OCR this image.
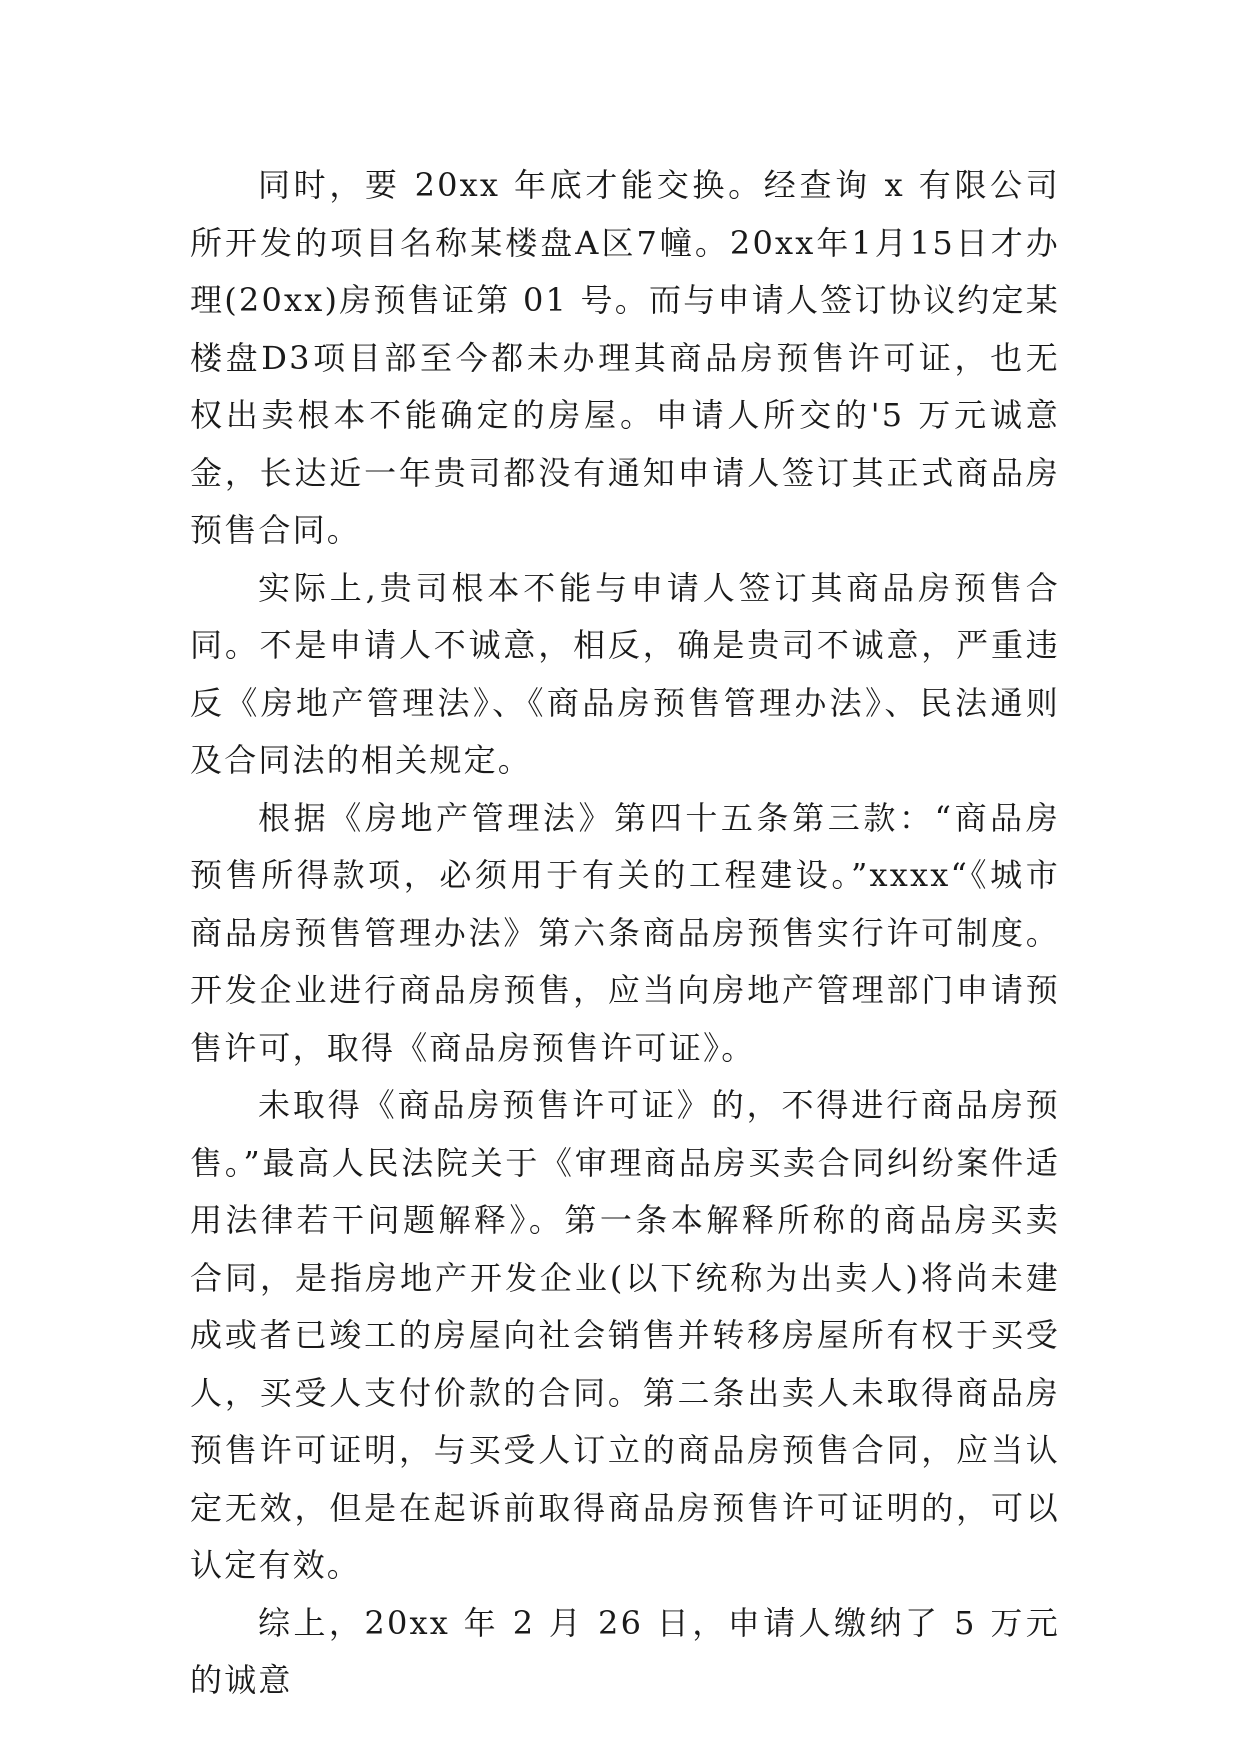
同时，要 20xx 年底才能交换。经查询 x 有限公司所开发的项目名称某楼盘A区7幢。20xx年1月15日才办理(20xx)房预售证第 01 号。而与申请人签订协议约定某楼盘D3项目部至今都未办理其商品房预售许可证，也无权出卖根本不能确定的房屋。申请人所交的'5 万元诚意金，长达近一年贵司都没有通知申请人签订其正式商品房预售合同。

实际上,贵司根本不能与申请人签订其商品房预售合同。不是申请人不诚意，相反，确是贵司不诚意，严重违反《房地产管理法》、《商品房预售管理办法》、民法通则及合同法的相关规定。

根据《房地产管理法》第四十五条第三款：“商品房预售所得款项，必须用于有关的工程建设。”xxxx“《城市商品房预售管理办法》第六条商品房预售实行许可制度。开发企业进行商品房预售，应当向房地产管理部门申请预售许可，取得《商品房预售许可证》。

未取得《商品房预售许可证》的，不得进行商品房预售。”最高人民法院关于《审理商品房买卖合同纠纷案件适用法律若干问题解释》。第一条本解释所称的商品房买卖合同，是指房地产开发企业(以下统称为出卖人)将尚未建成或者已竣工的房屋向社会销售并转移房屋所有权于买受人，买受人支付价款的合同。第二条出卖人未取得商品房预售许可证明，与买受人订立的商品房预售合同，应当认定无效，但是在起诉前取得商品房预售许可证明的，可以认定有效。

综上，20xx 年 2 月 26 日，申请人缴纳了 5 万元的诚意
